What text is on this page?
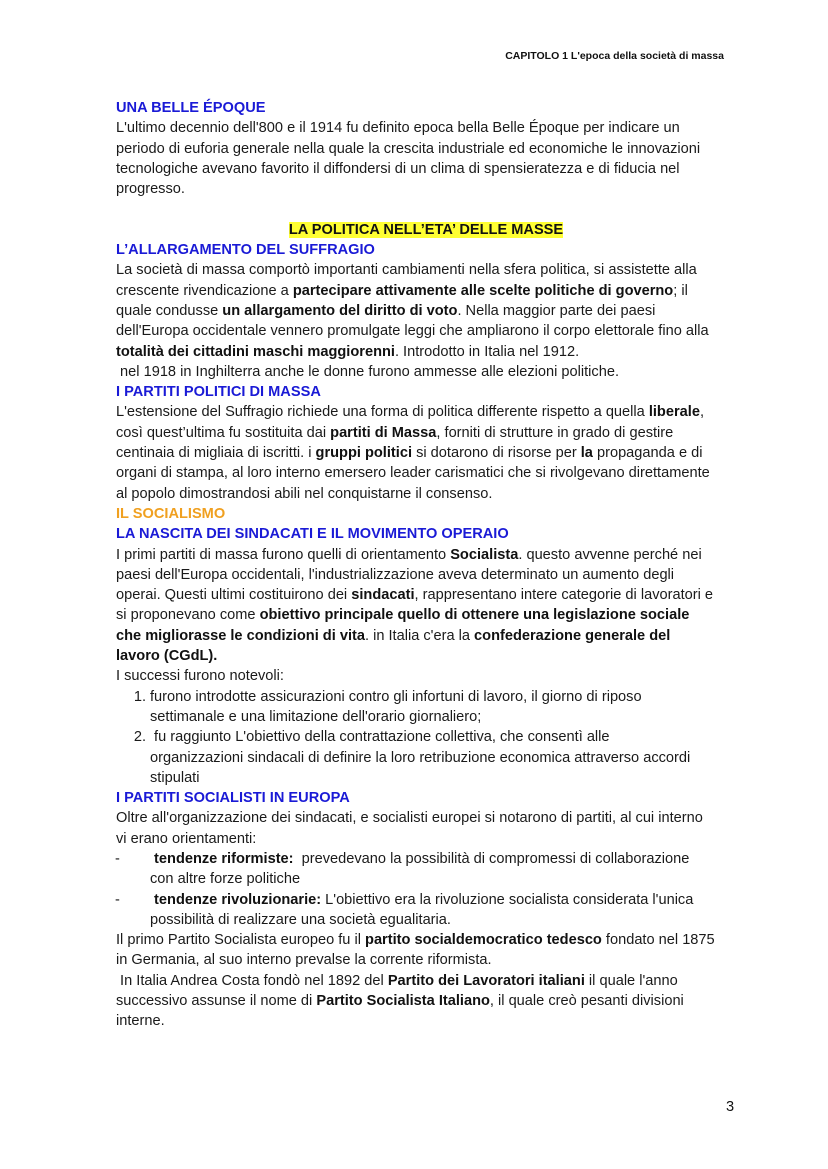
CAPITOLO 1 L'epoca della società di massa
UNA BELLE ÉPOQUE
L'ultimo decennio dell'800 e il 1914 fu definito epoca bella Belle Époque per indicare un
periodo di euforia generale nella quale la crescita industriale ed economiche le innovazioni
tecnologiche avevano favorito il diffondersi di un clima di spensieratezza e di fiducia nel
progresso.
LA POLITICA NELL’ETA’ DELLE MASSE
L’ALLARGAMENTO DEL SUFFRAGIO
La società di massa comportò importanti cambiamenti nella sfera politica, si assistette alla
crescente rivendicazione a partecipare attivamente alle scelte politiche di governo; il
quale condusse un allargamento del diritto di voto. Nella maggior parte dei paesi
dell'Europa occidentale vennero promulgate leggi che ampliarono il corpo elettorale fino alla
totalità dei cittadini maschi maggiorenni. Introdotto in Italia nel 1912.
nel 1918 in Inghilterra anche le donne furono ammesse alle elezioni politiche.
I PARTITI POLITICI DI MASSA
L'estensione del Suffragio richiede una forma di politica differente rispetto a quella liberale,
così quest’ultima fu sostituita dai partiti di Massa, forniti di strutture in grado di gestire
centinaia di migliaia di iscritti. i gruppi politici si dotarono di risorse per la propaganda e di
organi di stampa, al loro interno emersero leader carismatici che si rivolgevano direttamente
al popolo dimostrandosi abili nel conquistarne il consenso.
IL SOCIALISMO
LA NASCITA DEI SINDACATI E IL MOVIMENTO OPERAIO
I primi partiti di massa furono quelli di orientamento Socialista. questo avvenne perché nei
paesi dell'Europa occidentali, l'industrializzazione aveva determinato un aumento degli
operai. Questi ultimi costituirono dei sindacati, rappresentano intere categorie di lavoratori e
si proponevano come obiettivo principale quello di ottenere una legislazione sociale
che migliorasse le condizioni di vita. in Italia c'era la confederazione generale del
lavoro (CGdL).
I successi furono notevoli:
1. furono introdotte assicurazioni contro gli infortuni di lavoro, il giorno di riposo
settimanale e una limitazione dell'orario giornaliero;
2. fu raggiunto L'obiettivo della contrattazione collettiva, che consentì alle
organizzazioni sindacali di definire la loro retribuzione economica attraverso accordi
stipulati
I PARTITI SOCIALISTI IN EUROPA
Oltre all'organizzazione dei sindacati, e socialisti europei si notarono di partiti, al cui interno
vi erano orientamenti:
-	tendenze riformiste:  prevedevano la possibilità di compromessi di collaborazione
con altre forze politiche
-	tendenze rivoluzionarie: L'obiettivo era la rivoluzione socialista considerata l'unica
possibilità di realizzare una società egualitaria.
Il primo Partito Socialista europeo fu il partito socialdemocratico tedesco fondato nel 1875
in Germania, al suo interno prevalse la corrente riformista.
In Italia Andrea Costa fondò nel 1892 del Partito dei Lavoratori italiani il quale l'anno
successivo assunse il nome di Partito Socialista Italiano, il quale creò pesanti divisioni
interne.
3
